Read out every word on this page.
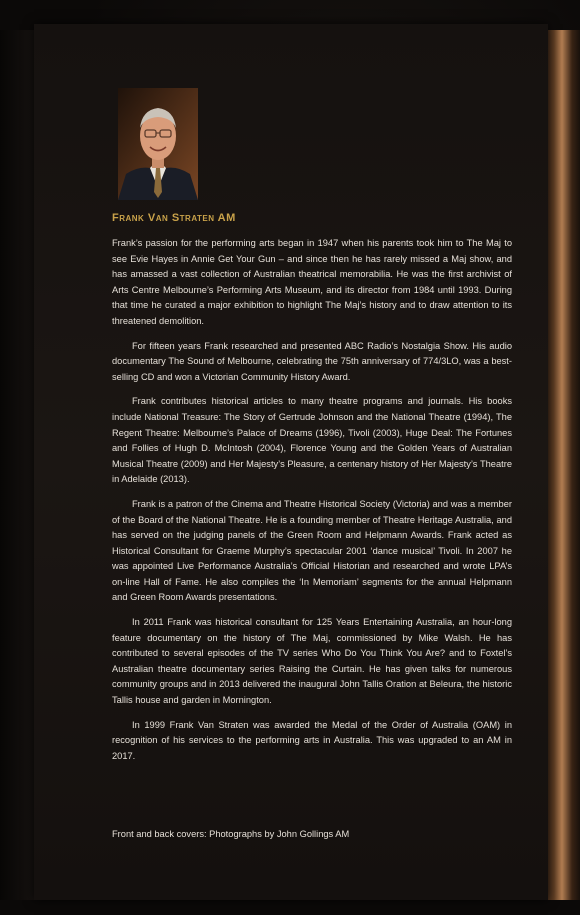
Frank Van Straten AM

Frank’s passion for the performing arts began in 1947 when his parents took him to The Maj to see Evie Hayes in Annie Get Your Gun – and since then he has rarely missed a Maj show, and has amassed a vast collection of Australian theatrical memorabilia. He was the first archivist of Arts Centre Melbourne’s Performing Arts Museum, and its director from 1984 until 1993. During that time he curated a major exhibition to highlight The Maj’s history and to draw attention to its threatened demolition.

For fifteen years Frank researched and presented ABC Radio’s Nostalgia Show. His audio documentary The Sound of Melbourne, celebrating the 75th anniversary of 774/3LO, was a best-selling CD and won a Victorian Community History Award.

Frank contributes historical articles to many theatre programs and journals. His books include National Treasure: The Story of Gertrude Johnson and the National Theatre (1994), The Regent Theatre: Melbourne’s Palace of Dreams (1996), Tivoli (2003), Huge Deal: The Fortunes and Follies of Hugh D. McIntosh (2004), Florence Young and the Golden Years of Australian Musical Theatre (2009) and Her Majesty’s Pleasure, a centenary history of Her Majesty’s Theatre in Adelaide (2013).

Frank is a patron of the Cinema and Theatre Historical Society (Victoria) and was a member of the Board of the National Theatre. He is a founding member of Theatre Heritage Australia, and has served on the judging panels of the Green Room and Helpmann Awards. Frank acted as Historical Consultant for Graeme Murphy’s spectacular 2001 ‘dance musical’ Tivoli. In 2007 he was appointed Live Performance Australia’s Official Historian and researched and wrote LPA’s on-line Hall of Fame. He also compiles the ‘In Memoriam’ segments for the annual Helpmann and Green Room Awards presentations.

In 2011 Frank was historical consultant for 125 Years Entertaining Australia, an hour-long feature documentary on the history of The Maj, commissioned by Mike Walsh. He has contributed to several episodes of the TV series Who Do You Think You Are? and to Foxtel’s Australian theatre documentary series Raising the Curtain. He has given talks for numerous community groups and in 2013 delivered the inaugural John Tallis Oration at Beleura, the historic Tallis house and garden in Mornington.

In 1999 Frank Van Straten was awarded the Medal of the Order of Australia (OAM) in recognition of his services to the performing arts in Australia. This was upgraded to an AM in 2017.

Front and back covers: Photographs by John Gollings AM
